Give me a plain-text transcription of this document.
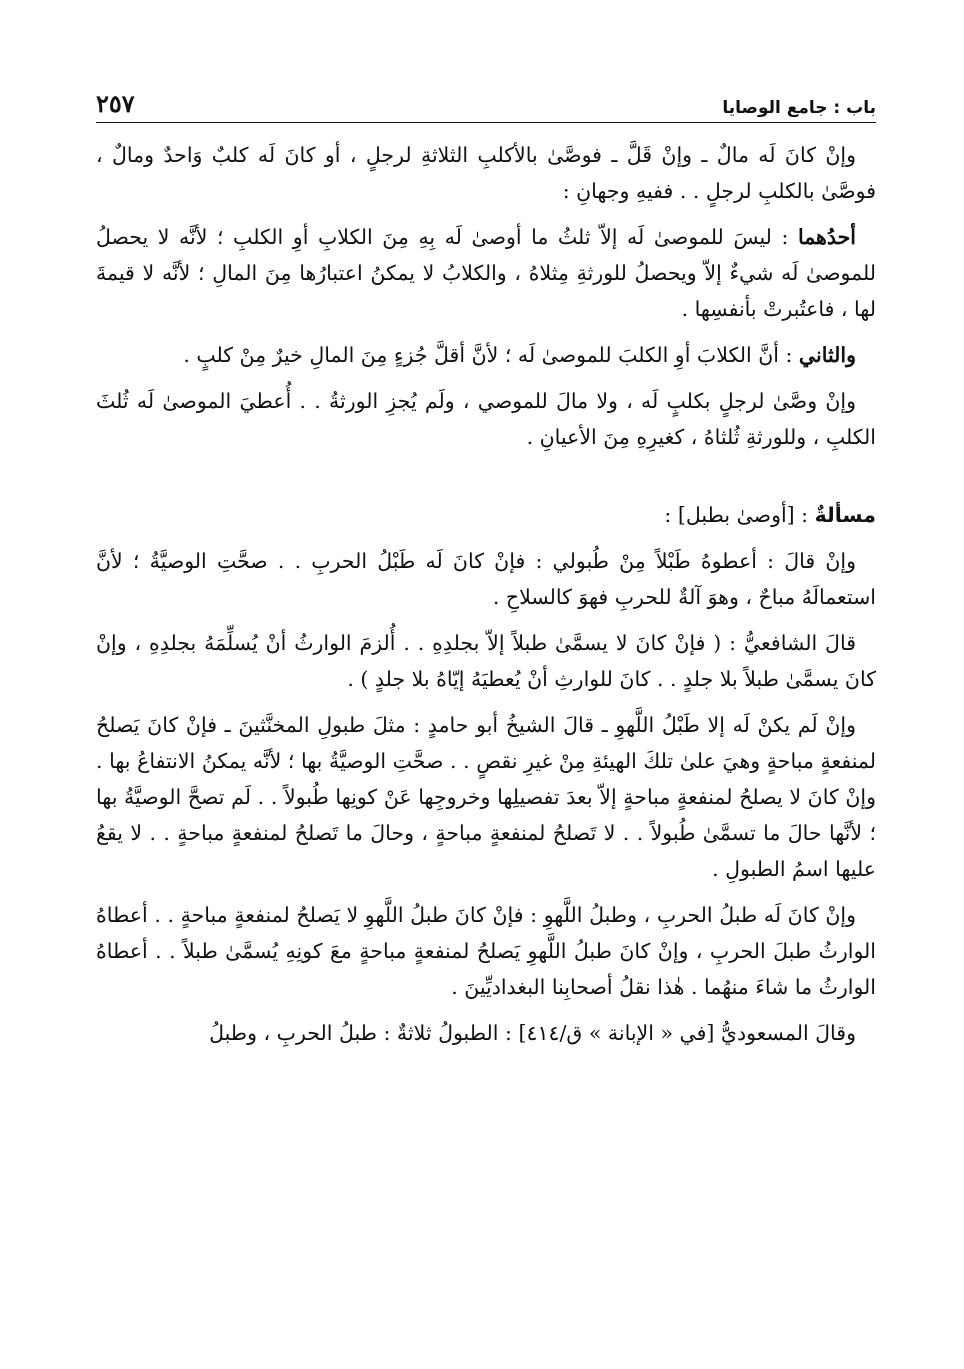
باب : جامع الوصايا
٢٥٧

وإنْ كانَ لَه مالٌ ـ وإنْ قَلَّ ـ فوصَّىٰ بالأكلبِ الثلاثةِ لرجلٍ ، أو كانَ لَه كلبٌ وَاحدٌ ومالٌ ، فوصَّىٰ بالكلبِ لرجلٍ . . ففيهِ وجهانِ :

أحدُهما : ليسَ للموصىٰ لَه إلاّ ثلثُ ما أوصىٰ لَه بِهِ مِنَ الكلابِ أوِ الكلبِ ؛ لأنَّه لا يحصلُ للموصىٰ لَه شيءٌ إلاّ ويحصلُ للورثةِ مِثلاهُ ، والكلابُ لا يمكنُ اعتبارُها مِنَ المالِ ؛ لأنَّه لا قيمةَ لها ، فاعتُبرتْ بأنفسِها .

والثاني : أنَّ الكلابَ أوِ الكلبَ للموصىٰ لَه ؛ لأنَّ أقلَّ جُزءٍ مِنَ المالِ خيرٌ مِنْ كلبٍ .

وإنْ وصَّىٰ لرجلٍ بكلبٍ لَه ، ولا مالَ للموصي ، ولَم يُجزِ الورثةُ . . أُعطيَ الموصىٰ لَه ثُلثَ الكلبِ ، وللورثةِ ثُلثاهُ ، كغيرِهِ مِنَ الأعيانِ .

مسألةٌ : [أوصىٰ بطبل] :

وإنْ قالَ : أعطوهُ طَبْلاً مِنْ طُبولي : فإنْ كانَ لَه طَبْلُ الحربِ . . صحَّتِ الوصيَّةُ ؛ لأنَّ استعمالَهُ مباحٌ ، وهوَ آلةٌ للحربِ فهوَ كالسلاحِ .

قالَ الشافعيُّ : ( فإنْ كانَ لا يسمَّىٰ طبلاً إلاّ بجلدِهِ . . أُلزمَ الوارثُ أنْ يُسلِّمَهُ بجلدِهِ ، وإنْ كانَ يسمَّىٰ طبلاً بلا جلدٍ . . كانَ للوارثِ أنْ يُعطيَهُ إيّاهُ بلا جلدٍ ) .

وإنْ لَم يكنْ لَه إلا طَبْلُ اللَّهوِ ـ قالَ الشيخُ أبو حامدٍ : مثلَ طبولِ المخنَّثينَ ـ فإنْ كانَ يَصلحُ لمنفعةٍ مباحةٍ وهيَ علىٰ تلكَ الهيئةِ مِنْ غيرِ نقصٍ . . صحَّتِ الوصيَّةُ بها ؛ لأنَّه يمكنُ الانتفاعُ بها . وإنْ كانَ لا يصلحُ لمنفعةٍ مباحةٍ إلاّ بعدَ تفصيلِها وخروجِها عَنْ كونِها طُبولاً . . لَم تصحَّ الوصيَّةُ بها ؛ لأنَّها حالَ ما تسمَّىٰ طُبولاً . . لا تَصلحُ لمنفعةٍ مباحةٍ ، وحالَ ما تَصلحُ لمنفعةٍ مباحةٍ . . لا يقعُ عليها اسمُ الطبولِ .

وإنْ كانَ لَه طبلُ الحربِ ، وطبلُ اللَّهوِ : فإنْ كانَ طبلُ اللَّهوِ لا يَصلحُ لمنفعةٍ مباحةٍ . . أعطاهُ الوارثُ طبلَ الحربِ ، وإنْ كانَ طبلُ اللَّهوِ يَصلحُ لمنفعةٍ مباحةٍ معَ كونِهِ يُسمَّىٰ طبلاً . . أعطاهُ الوارثُ ما شاءَ منهُما . هٰذا نقلُ أصحابِنا البغداديِّينَ .

وقالَ المسعوديُّ [في « الإبانة » ق/٤١٤] : الطبولُ ثلاثةٌ : طبلُ الحربِ ، وطبلُ
